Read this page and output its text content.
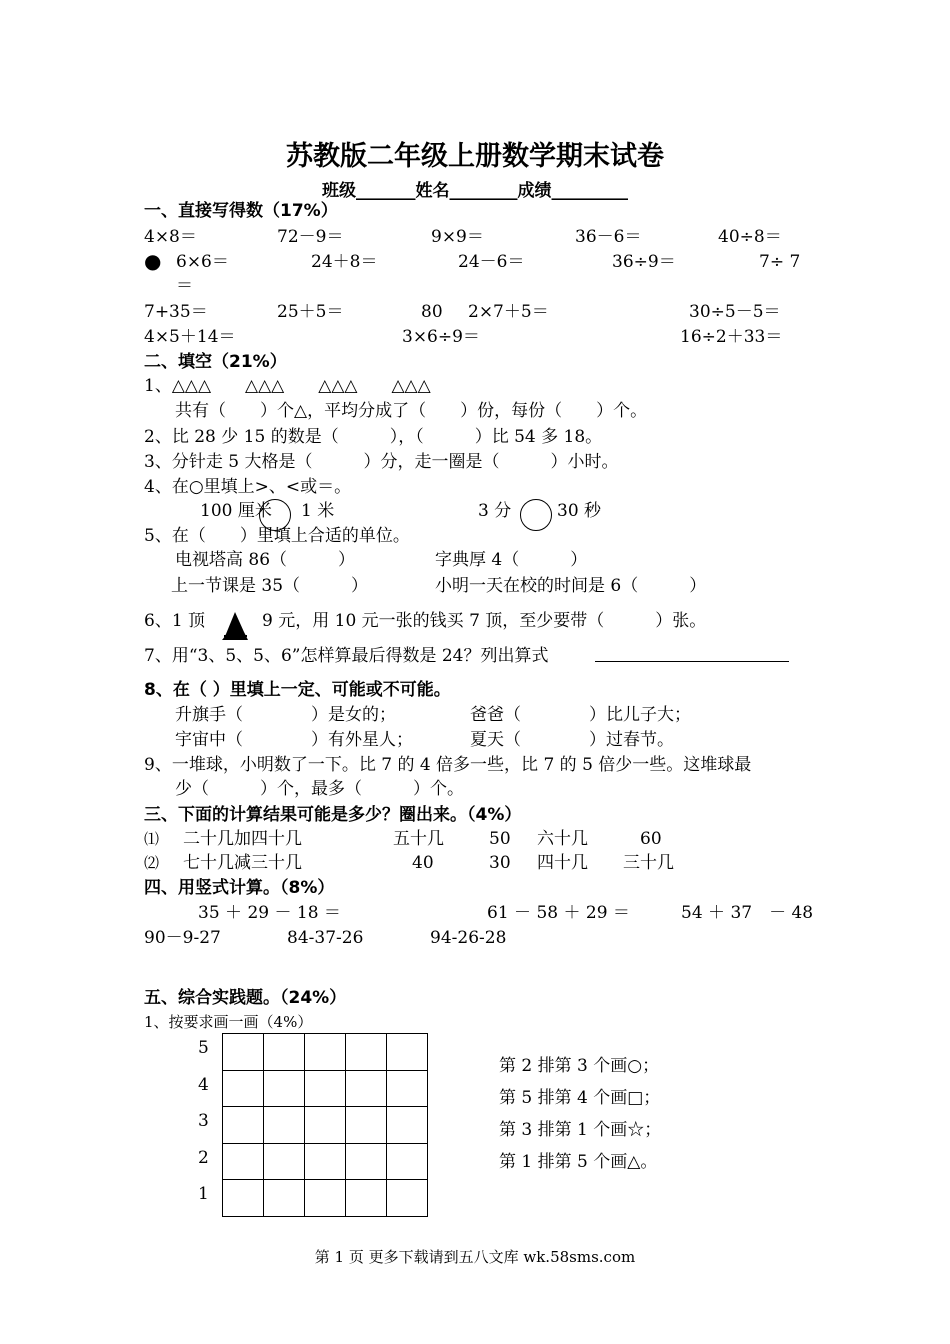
苏教版二年级上册数学期末试卷
班级_______姓名________成绩_________
一、直接写得数（17%）
4×8＝	72－9＝	9×9＝	36－6＝	40÷8＝
● 6×6＝	24＋8＝	24－6＝	36÷9＝	7÷ 7
＝
7+35＝	25＋5＝	80 2×7＋5＝	30÷5－5＝
4×5＋14＝	3×6÷9＝	16÷2＋33＝
二、填空（21%）
1、△△△　　△△△　　△△△　　△△△
共有（　　）个△，平均分成了（　　）份，每份（　　）个。
2、比 28 少 15 的数是（　　　），（　　　）比 54 多 18。
3、分针走 5 大格是（　　　）分，走一圈是（　　　）小时。
4、在○里填上>、<或＝。
100 厘米 1 米	3 分	30 秒
5、在（　　）里填上合适的单位。
电视塔高 86（　　　）	字典厚 4（　　　）
上一节课是 35（　　　）	小明一天在校的时间是 6（　　　）
6、1 顶	9 元，用 10 元一张的钱买 7 顶，至少要带（　　　）张。
7、用“3、5、5、6”怎样算最后得数是 24？列出算式
8、在（ ）里填上一定、可能或不可能。
升旗手（　　　　）是女的；	爸爸（　　　　）比儿子大；
宇宙中（　　　　）有外星人；	夏天（　　　　）过春节。
9、一堆球，小明数了一下。比 7 的 4 倍多一些，比 7 的 5 倍少一些。这堆球最
少（　　　）个，最多（　　　）个。
三、下面的计算结果可能是多少？圈出来。（4%）
⑴ 二十几加四十几	五十几	50 六十几	60
⑵ 七十几减三十几	40	30 四十几 三十几
四、用竖式计算。（8%）
35 ＋ 29 － 18 ＝	61 － 58 ＋ 29 ＝	54 ＋ 37　－ 48
90－9-27	84-37-26	94-26-28
五、综合实践题。（24%）
1、按要求画一画（4%）
5
4
3
2
1

第 2 排第 3 个画○；
第 5 排第 4 个画□；
第 3 排第 1 个画☆；
第 1 排第 5 个画△。
第 1 页 更多下载请到五八文库 wk.58sms.com
